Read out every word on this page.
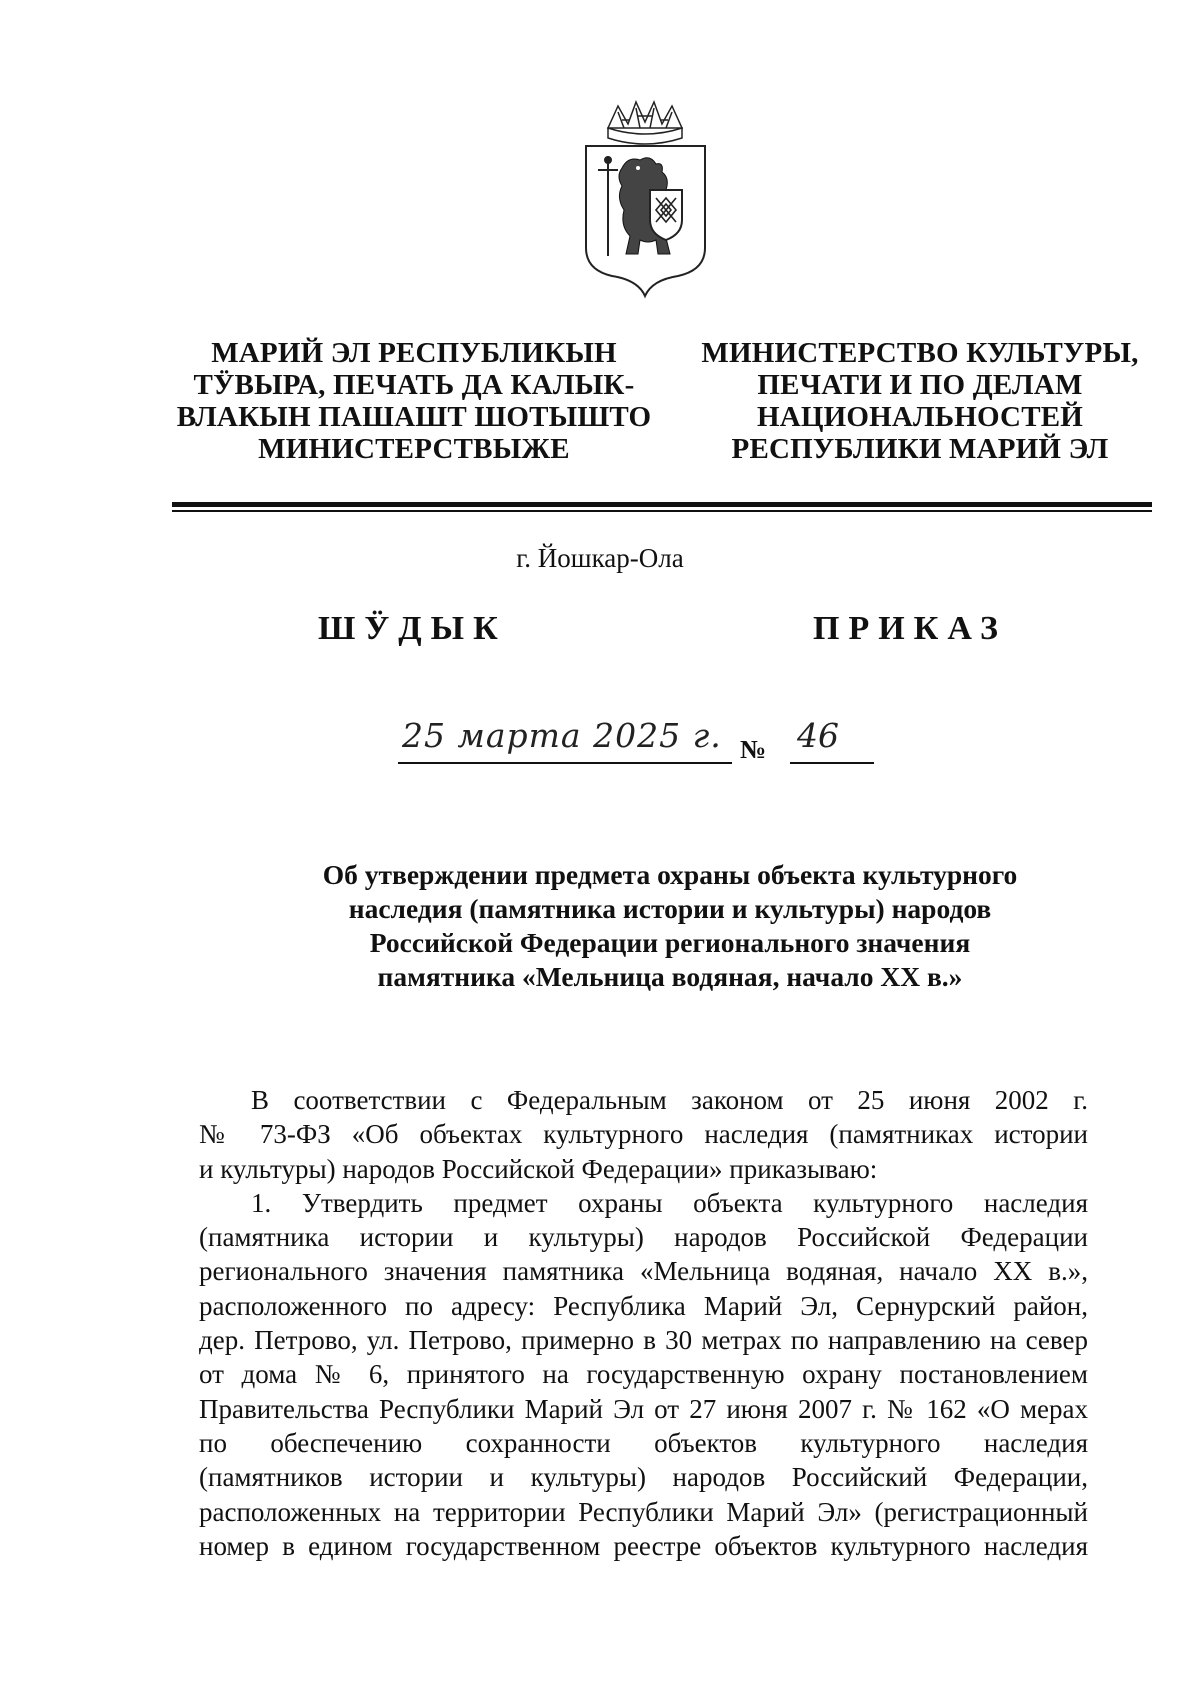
МАРИЙ ЭЛ РЕСПУБЛИКЫН
ТӰВЫРА, ПЕЧАТЬ ДА КАЛЫК-
ВЛАКЫН ПАШАШТ ШОТЫШТО
МИНИСТЕРСТВЫЖЕ
МИНИСТЕРСТВО КУЛЬТУРЫ,
ПЕЧАТИ И ПО ДЕЛАМ
НАЦИОНАЛЬНОСТЕЙ
РЕСПУБЛИКИ МАРИЙ ЭЛ
г. Йошкар-Ола
ШӰДЫК	ПРИКАЗ
25 марта 2025 г. № 46
Об утверждении предмета охраны объекта культурного
наследия (памятника истории и культуры) народов
Российской Федерации регионального значения
памятника «Мельница водяная, начало XX в.»
В соответствии с Федеральным законом от 25 июня 2002 г.
№ 73-ФЗ «Об объектах культурного наследия (памятниках истории
и культуры) народов Российской Федерации» приказываю:
1. Утвердить предмет охраны объекта культурного наследия
(памятника истории и культуры) народов Российской Федерации
регионального значения памятника «Мельница водяная, начало XX в.»,
расположенного по адресу: Республика Марий Эл, Сернурский район,
дер. Петрово, ул. Петрово, примерно в 30 метрах по направлению на север
от дома № 6, принятого на государственную охрану постановлением
Правительства Республики Марий Эл от 27 июня 2007 г. № 162 «О мерах
по обеспечению сохранности объектов культурного наследия
(памятников истории и культуры) народов Российский Федерации,
расположенных на территории Республики Марий Эл» (регистрационный
номер в едином государственном реестре объектов культурного наследия
